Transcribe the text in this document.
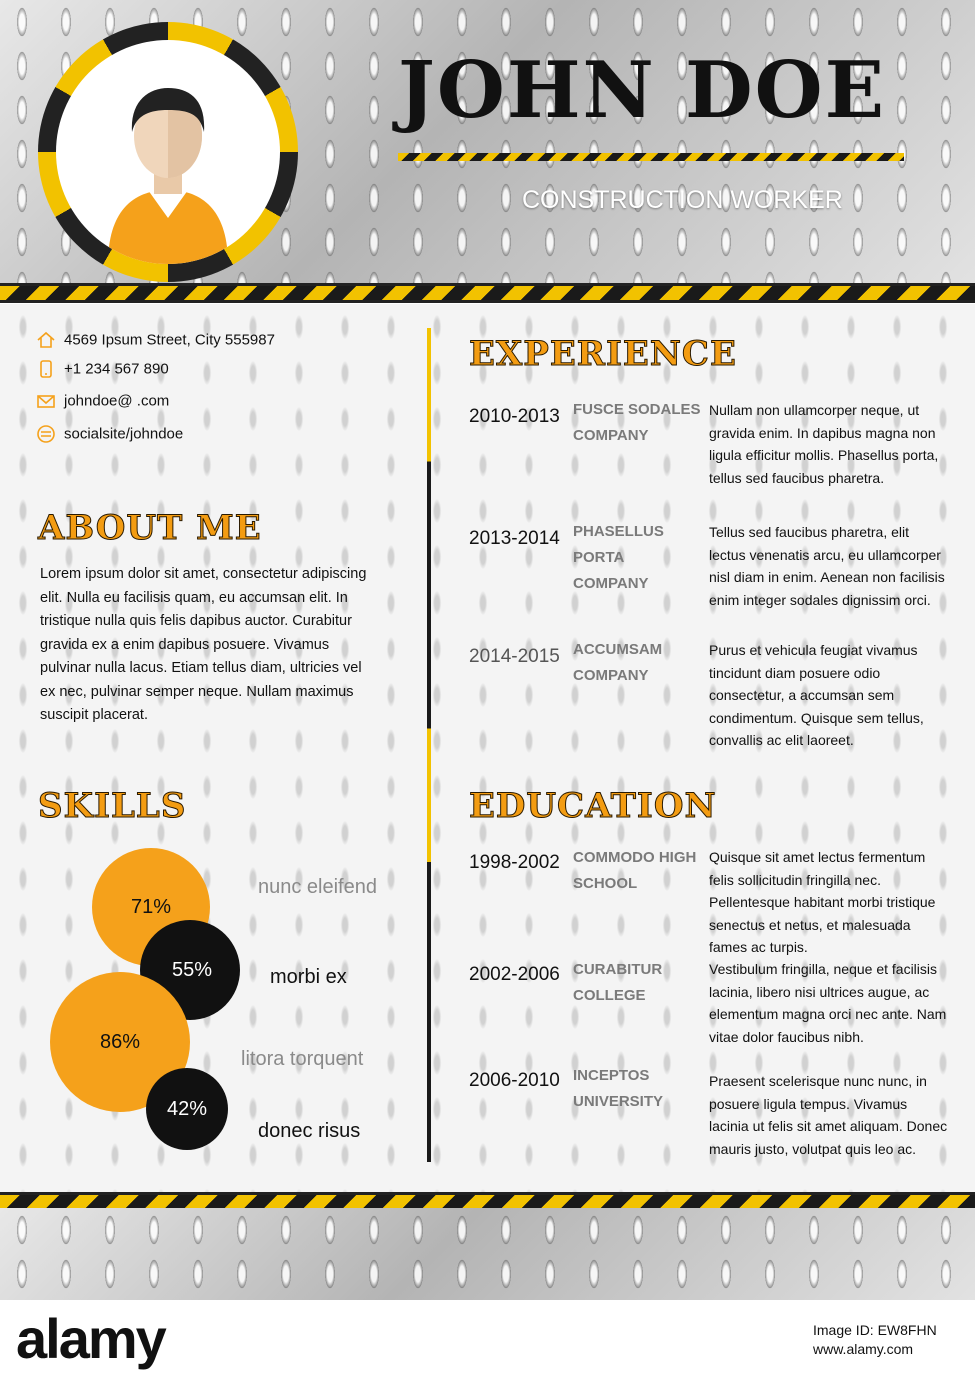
JOHN DOE
CONSTRUCTION WORKER
4569 Ipsum Street, City 555987
+1 234 567 890
johndoe@ .com
socialsite/johndoe
ABOUT ME
Lorem ipsum dolor sit amet, consectetur adipiscing elit. Nulla eu facilisis quam, eu accumsan elit. In tristique nulla quis felis dapibus auctor. Curabitur gravida ex a enim dapibus posuere. Vivamus pulvinar nulla lacus. Etiam tellus diam, ultricies vel ex nec, pulvinar semper neque. Nullam maximus suscipit placerat.
SKILLS
71%
55%
86%
42%
nunc eleifend
morbi ex
litora torquent
donec risus
EXPERIENCE
2010-2013 FUSCE SODALES COMPANY
Nullam non ullamcorper neque, ut gravida enim. In dapibus magna non ligula efficitur mollis. Phasellus porta, tellus sed faucibus pharetra.
2013-2014 PHASELLUS PORTA COMPANY
Tellus sed faucibus pharetra, elit lectus venenatis arcu, eu ullamcorper nisl diam in enim. Aenean non facilisis enim integer sodales dignissim orci.
2014-2015 ACCUMSAM COMPANY
Purus et vehicula feugiat vivamus tincidunt diam posuere odio consectetur, a accumsan sem condimentum. Quisque sem tellus, convallis ac elit laoreet.
EDUCATION
1998-2002 COMMODO HIGH SCHOOL
Quisque sit amet lectus fermentum felis sollicitudin fringilla nec. Pellentesque habitant morbi tristique senectus et netus, et malesuada fames ac turpis.
2002-2006 CURABITUR COLLEGE
Vestibulum fringilla, neque et facilisis lacinia, libero nisi ultrices augue, ac elementum magna orci nec ante. Nam vitae dolor faucibus nibh.
2006-2010 INCEPTOS UNIVERSITY
Praesent scelerisque nunc nunc, in posuere ligula tempus. Vivamus lacinia ut felis sit amet aliquam. Donec mauris justo, volutpat quis leo ac.
alamy	Image ID: EW8FHN
www.alamy.com
